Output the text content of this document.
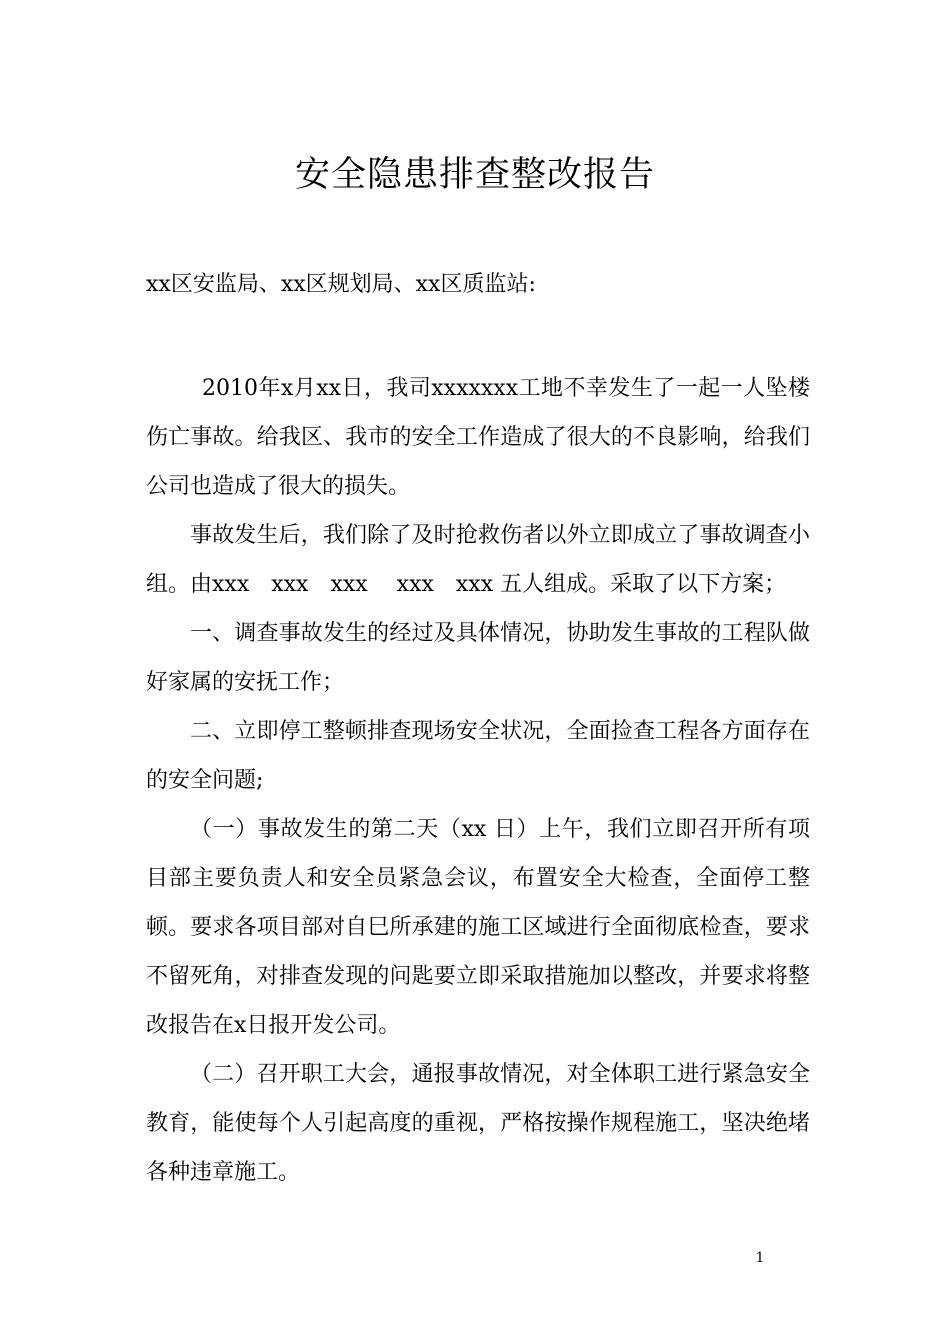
安全隐患排查整改报告
xx区安监局、xx区规划局、xx区质监站:

2010年x月xx日，我司xxxxxxx工地不幸发生了一起一人坠楼伤亡事故。给我区、我市的安全工作造成了很大的不良影响，给我们公司也造成了很大的损失。

事故发生后，我们除了及时抢救伤者以外立即成立了事故调查小组。由xxx　xxx　xxx　 xxx　xxx 五人组成。采取了以下方案；

一、调查事故发生的经过及具体情况，协助发生事故的工程队做好家属的安抚工作；

二、立即停工整顿排查现场安全状况，全面捡查工程各方面存在的安全问题;

（一）事故发生的第二天（xx 日）上午，我们立即召开所有项目部主要负责人和安全员紧急会议，布置安全大检查，全面停工整顿。要求各项目部对自巳所承建的施工区域进行全面彻底检查，要求不留死角，对排查发现的问匙要立即采取措施加以整改，并要求将整改报告在x日报开发公司。

（二）召开职工大会，通报事故情况，对全体职工进行紧急安全教育，能使每个人引起高度的重视，严格按操作规程施工，坚决绝堵各种违章施工。

1
